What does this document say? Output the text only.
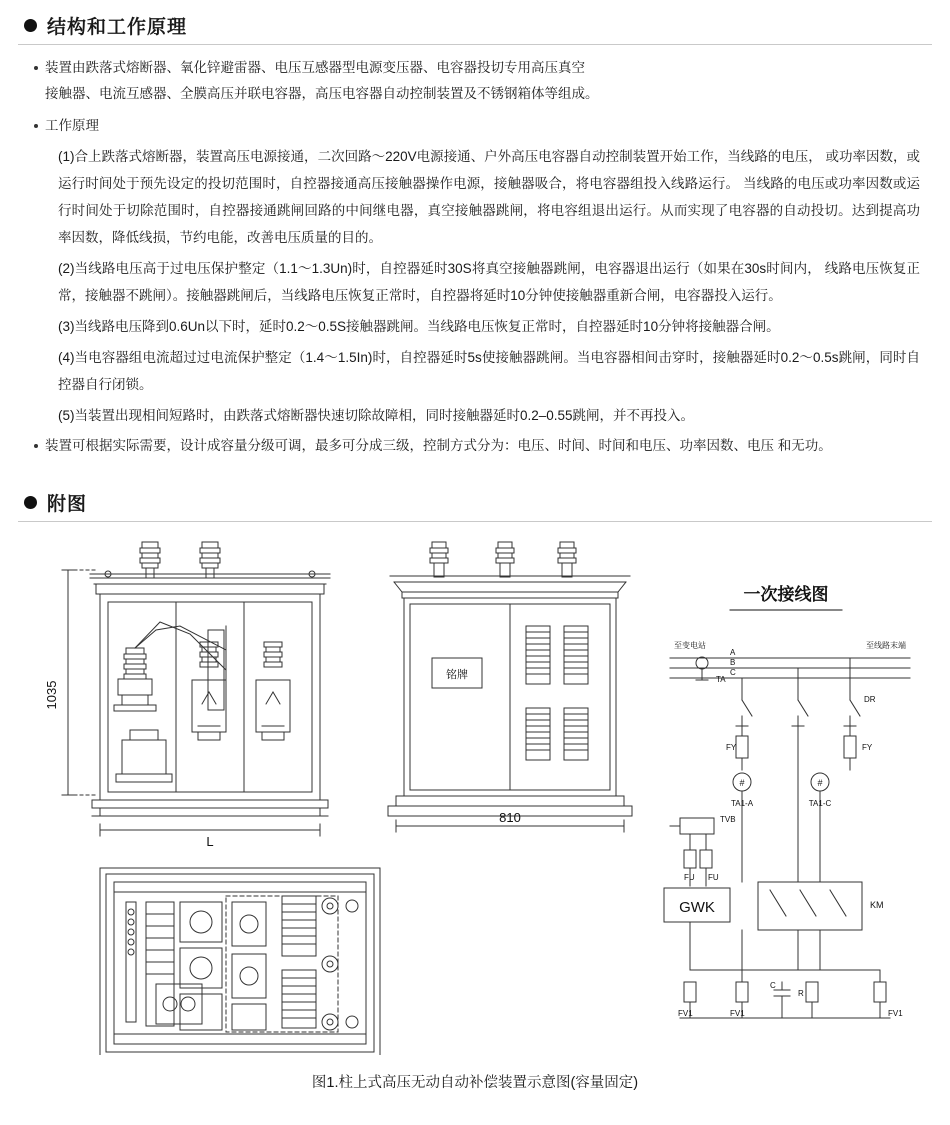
结构和工作原理
装置由跌落式熔断器、氧化锌避雷器、电压互感器型电源变压器、电容器投切专用高压真空
接触器、电流互感器、全膜高压并联电容器，高压电容器自动控制装置及不锈钢箱体等组成。
工作原理
(1)合上跌落式熔断器，装置高压电源接通，二次回路～220V电源接通、户外高压电容器自动控制装置开始工作，当线路的电压， 或功率因数，或运行时间处于预先设定的投切范围时，自控器接通高压接触器操作电源，接触器吸合，将电容器组投入线路运行。 当线路的电压或功率因数或运行时间处于切除范围时，自控器接通跳闸回路的中间继电器，真空接触器跳闸，将电容组退出运行。从而实现了电容器的自动投切。达到提高功率因数，降低线损，节约电能，改善电压质量的目的。
(2)当线路电压高于过电压保护整定（1.1～1.3Un)时，自控器延时30S将真空接触器跳闸，电容器退出运行（如果在30s时间内， 线路电压恢复正常，接触器不跳闸）。接触器跳闸后，当线路电压恢复正常时，自控器将延时10分钟使接触器重新合闸，电容器投入运行。
(3)当线路电压降到0.6Un以下时，延时0.2～0.5S接触器跳闸。当线路电压恢复正常时，自控器延时10分钟将接触器合闸。
(4)当电容器组电流超过过电流保护整定（1.4～1.5In)时，自控器延时5s使接触器跳闸。当电容器相间击穿时，接触器延时0.2～0.5s跳闸，同时自控器自行闭锁。
(5)当装置出现相间短路时，由跌落式熔断器快速切除故障相，同时接触器延时0.2–0.55跳闸，并不再投入。
装置可根据实际需要，设计成容量分级可调，最多可分成三级，控制方式分为：电压、时间、时间和电压、功率因数、电压 和无功。
附图
1035
L
铭牌
810
一次接线图
至变电站	至线路末端
A
B
C
TA
DR
FY	FY
#
TA1-A
#
TA1-C
TVB
FU FU
GWK	KM
FV1	FV1
C
R
FV1
图1.柱上式高压无动自动补偿装置示意图(容量固定)
